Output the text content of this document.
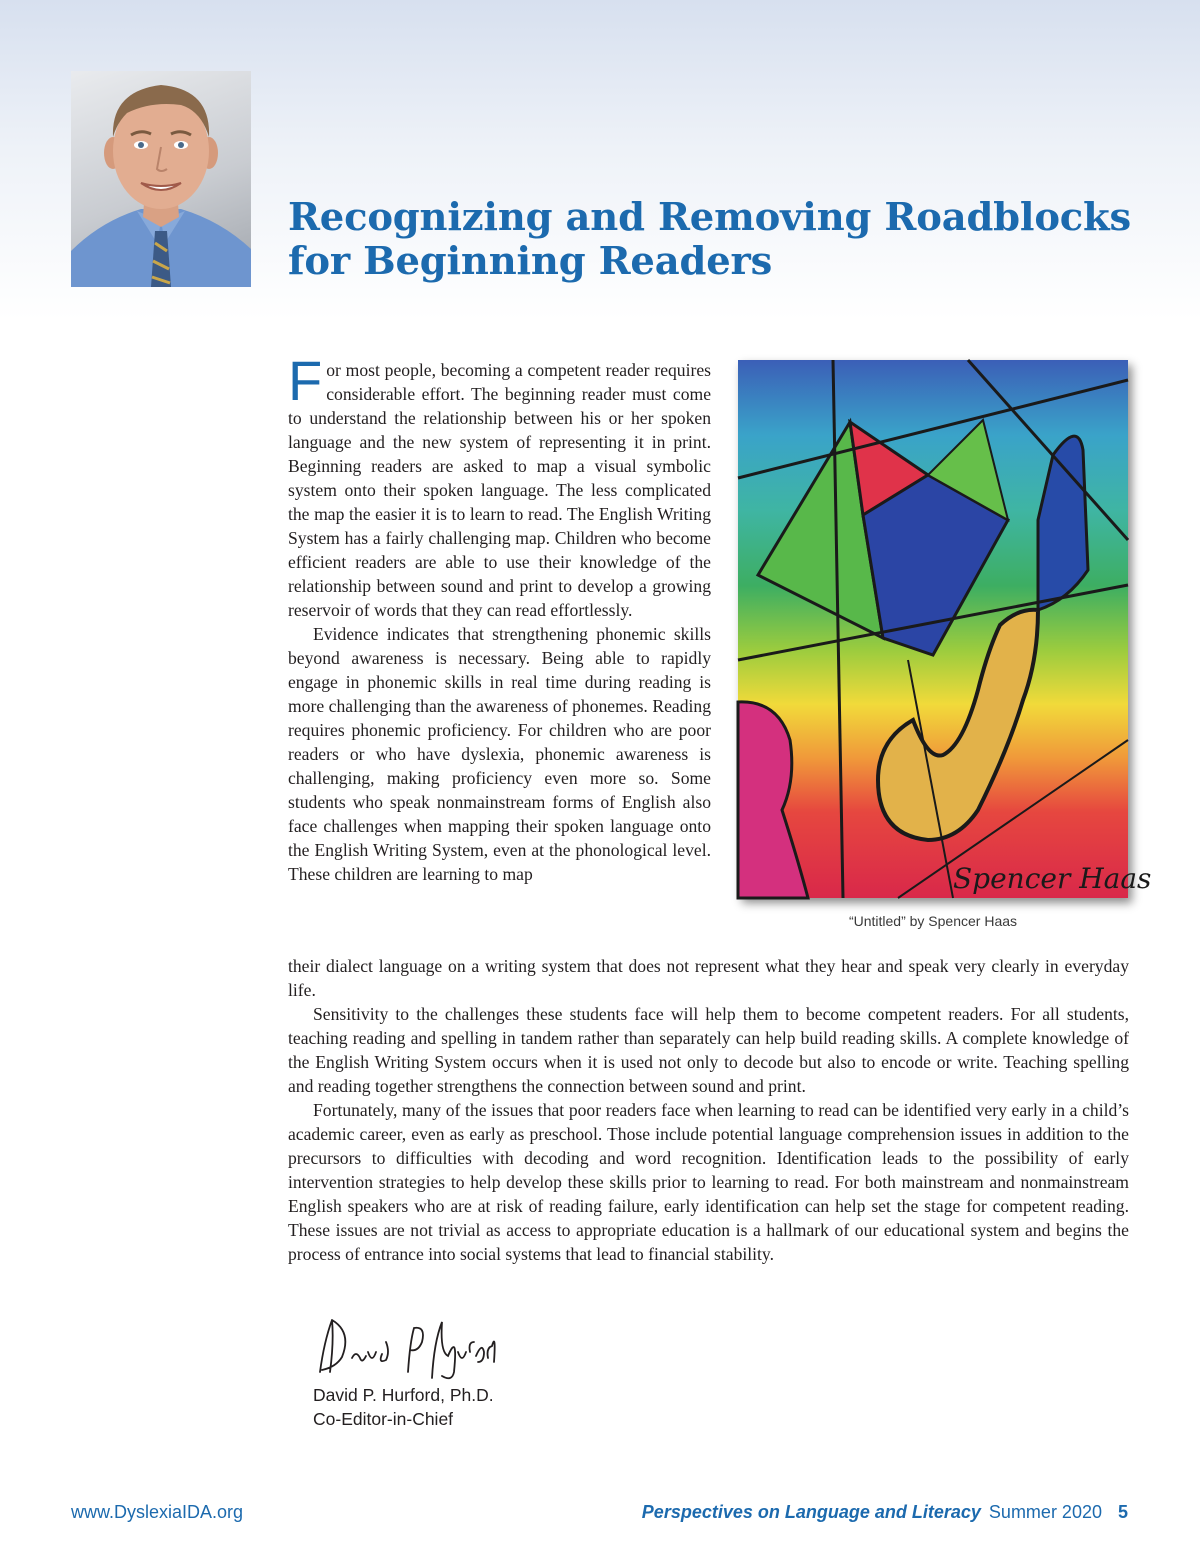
Recognizing and Removing Roadblocks for Beginning Readers

For most people, becoming a competent reader requires considerable effort. The beginning reader must come to understand the relationship between his or her spoken language and the new system of representing it in print. Beginning readers are asked to map a visual symbolic system onto their spoken language. The less complicated the map the easier it is to learn to read. The English Writing System has a fairly challenging map. Children who become efficient readers are able to use their knowledge of the relationship between sound and print to develop a growing reservoir of words that they can read effortlessly.

Evidence indicates that strengthening phonemic skills beyond awareness is necessary. Being able to rapidly engage in phonemic skills in real time during reading is more challenging than the awareness of phonemes. Reading requires phonemic proficiency. For children who are poor readers or who have dyslexia, phonemic awareness is challenging, making proficiency even more so. Some students who speak nonmainstream forms of English also face challenges when mapping their spoken language onto the English Writing System, even at the phonological level. These children are learning to map	Spencer Haas
“Untitled” by Spencer Haas

their dialect language on a writing system that does not represent what they hear and speak very clearly in everyday life.

Sensitivity to the challenges these students face will help them to become competent readers. For all students, teaching reading and spelling in tandem rather than separately can help build reading skills. A complete knowledge of the English Writing System occurs when it is used not only to decode but also to encode or write. Teaching spelling and reading together strengthens the connection between sound and print.

Fortunately, many of the issues that poor readers face when learning to read can be identified very early in a child’s academic career, even as early as preschool. Those include potential language comprehension issues in addition to the precursors to difficulties with decoding and word recognition. Identification leads to the possibility of early intervention strategies to help develop these skills prior to learning to read. For both mainstream and nonmainstream English speakers who are at risk of reading failure, early identification can help set the stage for competent reading. These issues are not trivial as access to appropriate education is a hallmark of our educational system and begins the process of entrance into social systems that lead to financial stability.

David P Hurford
David P. Hurford, Ph.D.
Co-Editor-in-Chief
www.DyslexiaIDA.org	Perspectives on Language and Literacy Summer 2020 5
